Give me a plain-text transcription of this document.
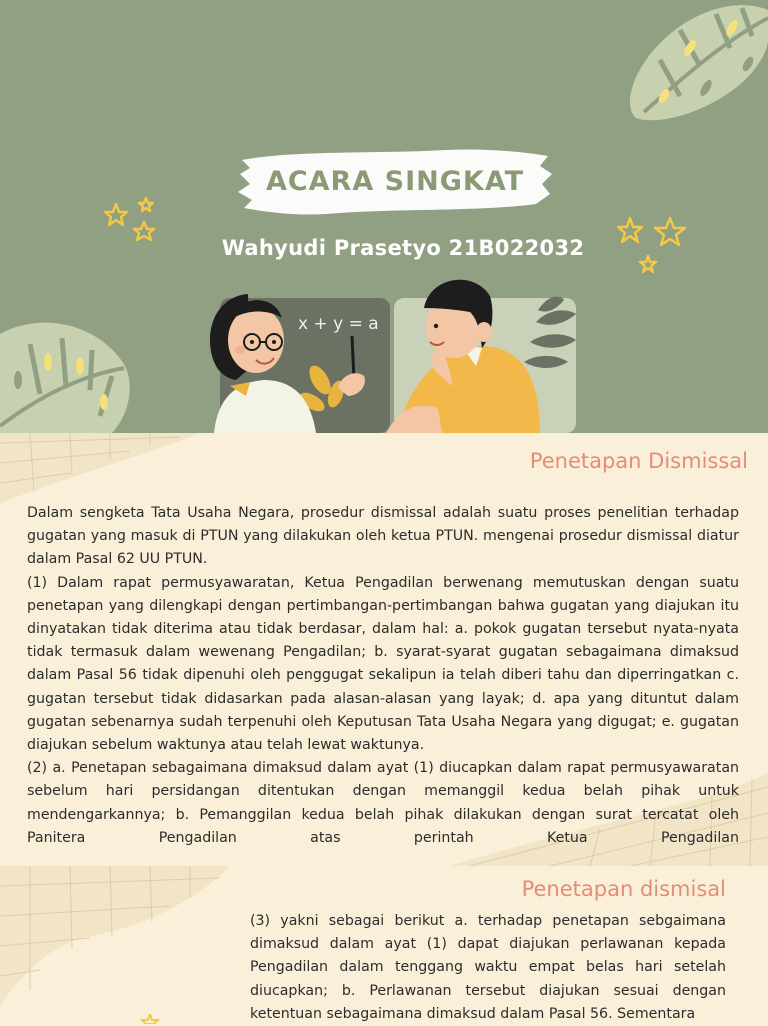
ACARA SINGKAT
Wahyudi Prasetyo 21B022032
x + y = a
Penetapan Dismissal

Dalam sengketa Tata Usaha Negara, prosedur dismissal adalah suatu proses penelitian terhadap gugatan yang masuk di PTUN yang dilakukan oleh ketua PTUN. mengenai prosedur dismissal diatur dalam Pasal 62 UU PTUN.

(1) Dalam rapat permusyawaratan, Ketua Pengadilan berwenang memutuskan dengan suatu penetapan yang dilengkapi dengan pertimbangan-pertimbangan bahwa gugatan yang diajukan itu dinyatakan tidak diterima atau tidak berdasar, dalam hal: a. pokok gugatan tersebut nyata-nyata tidak termasuk dalam wewenang Pengadilan; b. syarat-syarat gugatan sebagaimana dimaksud dalam Pasal 56 tidak dipenuhi oleh penggugat sekalipun ia telah diberi tahu dan diperringatkan c. gugatan tersebut tidak didasarkan pada alasan-alasan yang layak; d. apa yang dituntut dalam gugatan sebenarnya sudah terpenuhi oleh Keputusan Tata Usaha Negara yang digugat; e. gugatan diajukan sebelum waktunya atau telah lewat waktunya.

(2) a. Penetapan sebagaimana dimaksud dalam ayat (1) diucapkan dalam rapat permusyawaratan sebelum hari persidangan ditentukan dengan memanggil kedua belah pihak untuk mendengarkannya; b. Pemanggilan kedua belah pihak dilakukan dengan surat tercatat oleh Panitera Pengadilan atas perintah Ketua Pengadilan

Penetapan dismisal

(3) yakni sebagai berikut a. terhadap penetapan sebgaimana dimaksud dalam ayat (1) dapat diajukan perlawanan kepada Pengadilan dalam tenggang waktu empat belas hari setelah diucapkan; b. Perlawanan tersebut diajukan sesuai dengan ketentuan sebagaimana dimaksud dalam Pasal 56. Sementara
